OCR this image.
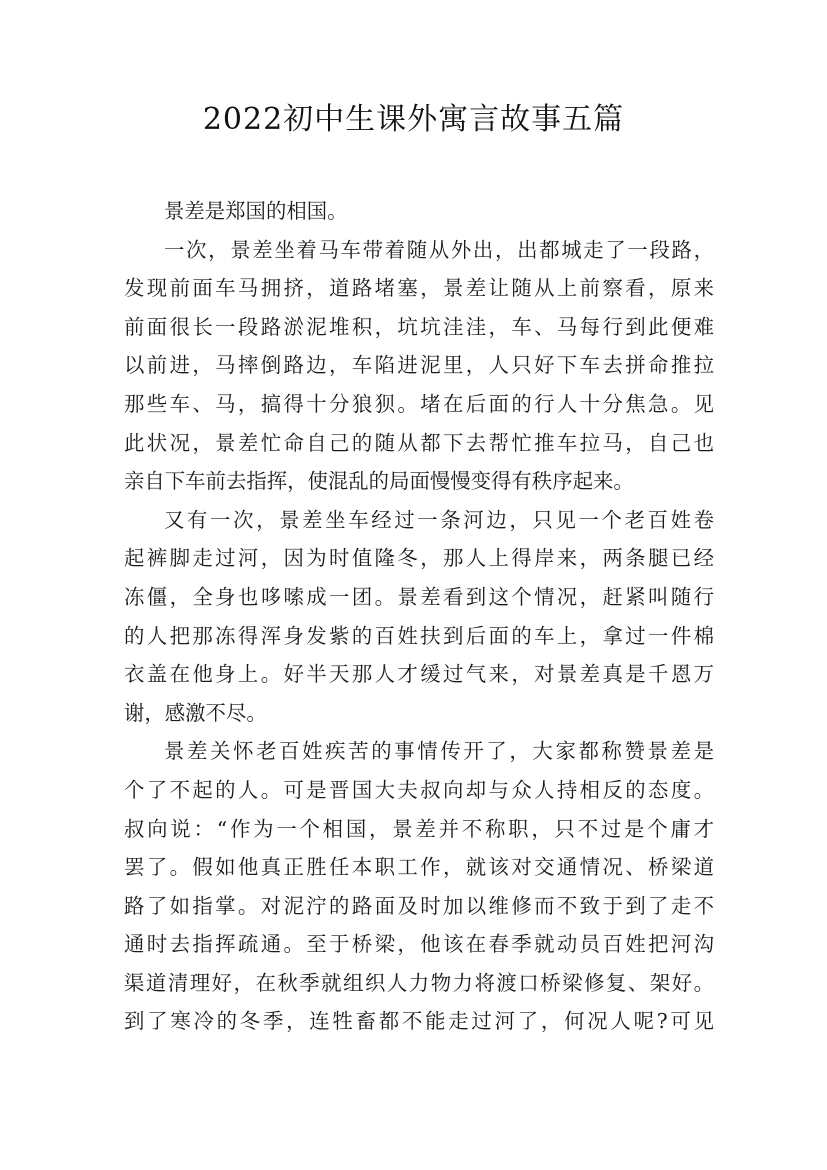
2022初中生课外寓言故事五篇
景差是郑国的相国。
一次，景差坐着马车带着随从外出，出都城走了一段路，
发现前面车马拥挤，道路堵塞，景差让随从上前察看，原来
前面很长一段路淤泥堆积，坑坑洼洼，车、马每行到此便难
以前进，马摔倒路边，车陷进泥里，人只好下车去拼命推拉
那些车、马，搞得十分狼狈。堵在后面的行人十分焦急。见
此状况，景差忙命自己的随从都下去帮忙推车拉马，自己也
亲自下车前去指挥，使混乱的局面慢慢变得有秩序起来。
又有一次，景差坐车经过一条河边，只见一个老百姓卷
起裤脚走过河，因为时值隆冬，那人上得岸来，两条腿已经
冻僵，全身也哆嗦成一团。景差看到这个情况，赶紧叫随行
的人把那冻得浑身发紫的百姓扶到后面的车上，拿过一件棉
衣盖在他身上。好半天那人才缓过气来，对景差真是千恩万
谢，感激不尽。
景差关怀老百姓疾苦的事情传开了，大家都称赞景差是
个了不起的人。可是晋国大夫叔向却与众人持相反的态度。
叔向说：“作为一个相国，景差并不称职，只不过是个庸才
罢了。假如他真正胜任本职工作，就该对交通情况、桥梁道
路了如指掌。对泥泞的路面及时加以维修而不致于到了走不
通时去指挥疏通。至于桥梁，他该在春季就动员百姓把河沟
渠道清理好，在秋季就组织人力物力将渡口桥梁修复、架好。
到了寒冷的冬季，连牲畜都不能走过河了，何况人呢?可见
